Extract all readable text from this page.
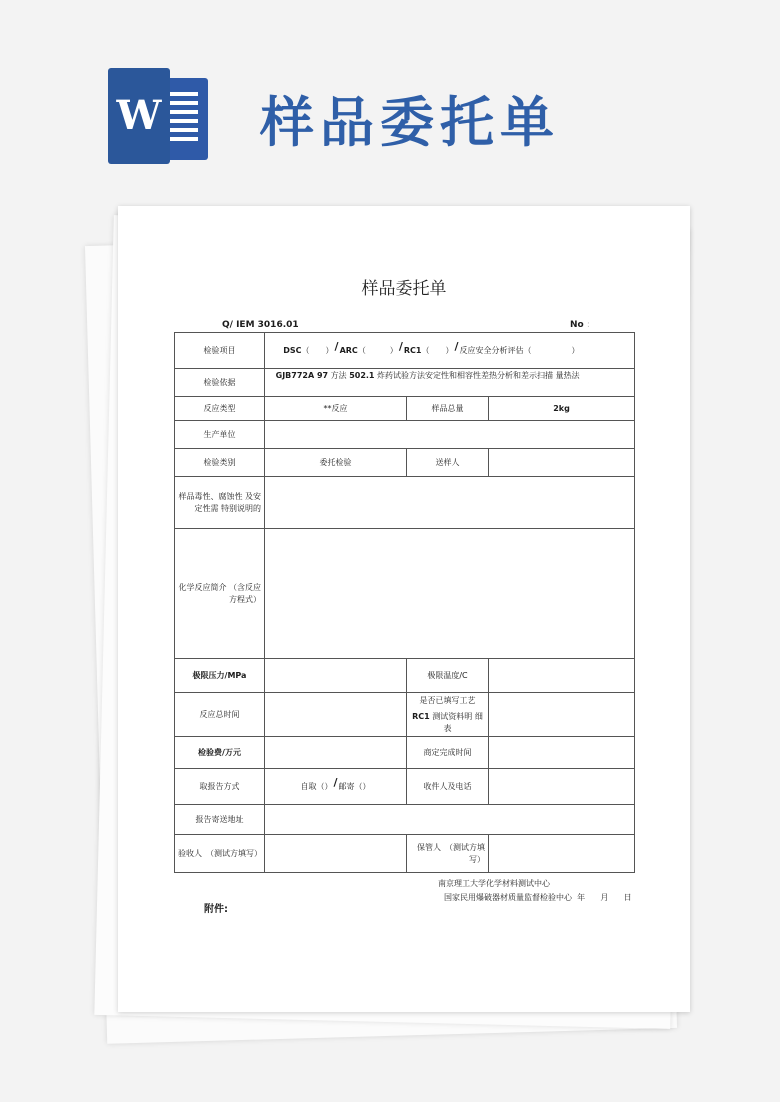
W 样品委托单
样品委托单
Q/ IEM 3016.01	No :
检验项目	DSC（　　）/ARC（　　　）/RC1（　　）/反应安全分析评估（　　　　　）		
检验依据	GJB772A 97 方法 502.1 炸药试验方法安定性和相容性差热分析和差示扫描 量热法		
反应类型	**反应	样品总量	2kg
生产单位			
检验类别	委托检验	送样人	
样品毒性、腐蚀性 及安定性需 特别说明的			
化学反应简介 （含反应方程式）			
极限压力/MPa		极限温度/C	
反应总时间		是否已填写工艺
RC1 测试资料明 细表	

检验费/万元		商定完成时间	
取报告方式	自取（）/邮寄（）	收件人及电话	
报告寄送地址			
验收人　（测试方填写）		保管人　（测试方填写）	
南京理工大学化学材料测试中心
国家民用爆破器材质量监督检验中心 年 月 日
附件:
